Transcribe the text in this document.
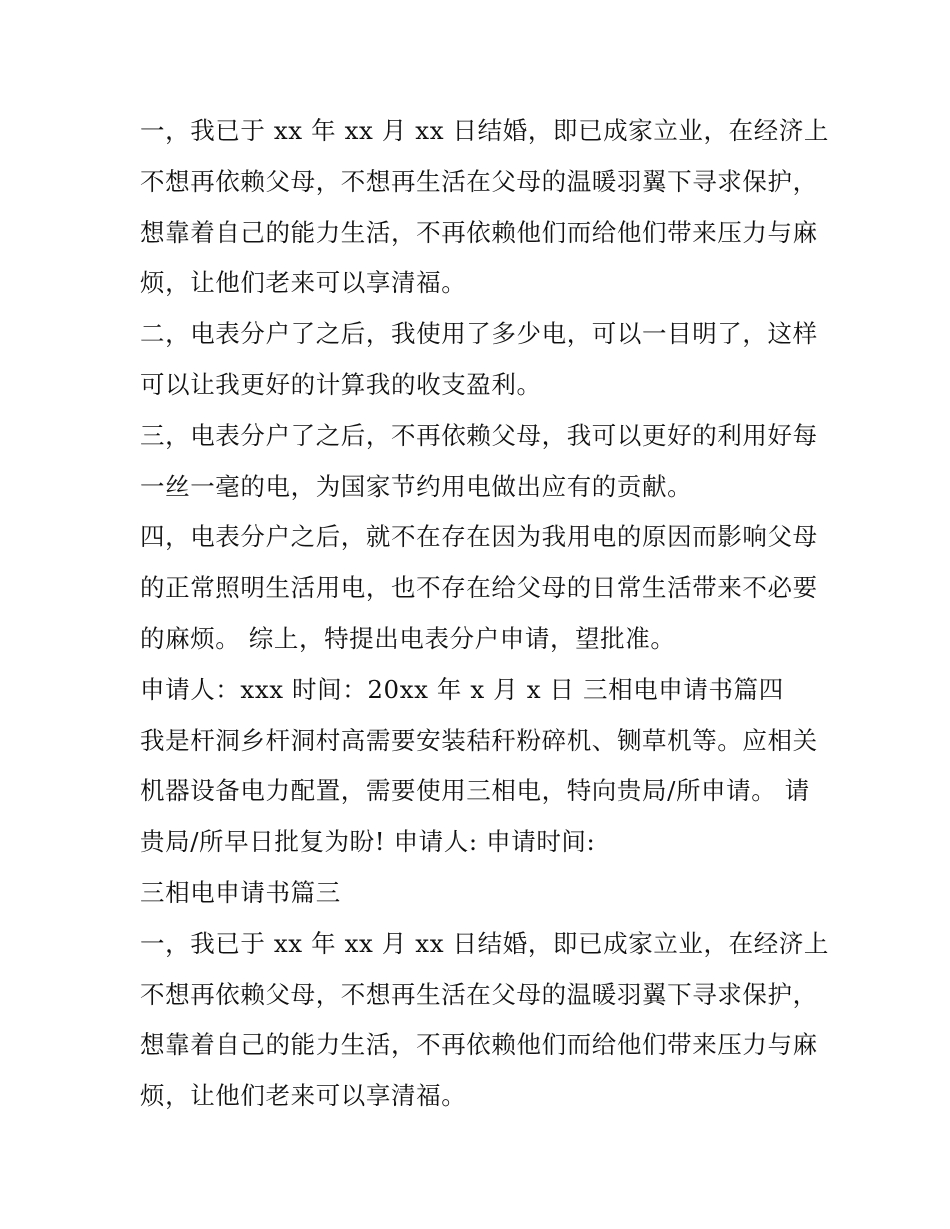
一，我已于 xx 年 xx 月 xx 日结婚，即已成家立业，在经济上
不想再依赖父母，不想再生活在父母的温暖羽翼下寻求保护，
想靠着自己的能力生活，不再依赖他们而给他们带来压力与麻
烦，让他们老来可以享清福。
二，电表分户了之后，我使用了多少电，可以一目明了，这样
可以让我更好的计算我的收支盈利。
三，电表分户了之后，不再依赖父母，我可以更好的利用好每
一丝一毫的电，为国家节约用电做出应有的贡献。
四，电表分户之后，就不在存在因为我用电的原因而影响父母
的正常照明生活用电，也不存在给父母的日常生活带来不必要
的麻烦。 综上，特提出电表分户申请，望批准。
申请人：xxx 时间：20xx 年 x 月 x 日 三相电申请书篇四
我是杆洞乡杆洞村高需要安装秸秆粉碎机、铡草机等。应相关
机器设备电力配置，需要使用三相电，特向贵局/所申请。 请
贵局/所早日批复为盼! 申请人: 申请时间:
三相电申请书篇三
一，我已于 xx 年 xx 月 xx 日结婚，即已成家立业，在经济上
不想再依赖父母，不想再生活在父母的温暖羽翼下寻求保护，
想靠着自己的能力生活，不再依赖他们而给他们带来压力与麻
烦，让他们老来可以享清福。
